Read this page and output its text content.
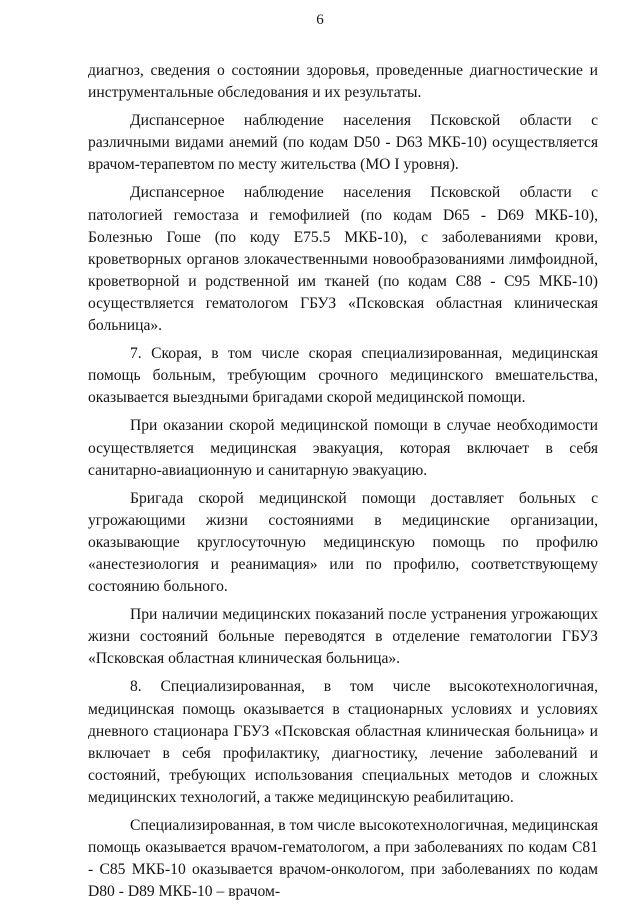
6

диагноз, сведения о состоянии здоровья, проведенные диагностические и инструментальные обследования и их результаты.

Диспансерное наблюдение населения Псковской области с различными видами анемий (по кодам D50 - D63 МКБ-10) осуществляется врачом-терапевтом по месту жительства (МО I уровня).

Диспансерное наблюдение населения Псковской области с патологией гемостаза и гемофилией (по кодам D65 - D69 МКБ-10), Болезнью Гоше (по коду Е75.5 МКБ-10), с заболеваниями крови, кроветворных органов злокачественными новообразованиями лимфоидной, кроветворной и родственной им тканей (по кодам С88 - С95 МКБ-10) осуществляется гематологом ГБУЗ «Псковская областная клиническая больница».

7. Скорая, в том числе скорая специализированная, медицинская помощь больным, требующим срочного медицинского вмешательства, оказывается выездными бригадами скорой медицинской помощи.

При оказании скорой медицинской помощи в случае необходимости осуществляется медицинская эвакуация, которая включает в себя санитарно-авиационную и санитарную эвакуацию.

Бригада скорой медицинской помощи доставляет больных с угрожающими жизни состояниями в медицинские организации, оказывающие круглосуточную медицинскую помощь по профилю «анестезиология и реанимация» или по профилю, соответствующему состоянию больного.

При наличии медицинских показаний после устранения угрожающих жизни состояний больные переводятся в отделение гематологии ГБУЗ «Псковская областная клиническая больница».

8. Специализированная, в том числе высокотехнологичная, медицинская помощь оказывается в стационарных условиях и условиях дневного стационара ГБУЗ «Псковская областная клиническая больница» и включает в себя профилактику, диагностику, лечение заболеваний и состояний, требующих использования специальных методов и сложных медицинских технологий, а также медицинскую реабилитацию.

Специализированная, в том числе высокотехнологичная, медицинская помощь оказывается врачом-гематологом, а при заболеваниях по кодам С81 - С85 МКБ-10 оказывается врачом-онкологом, при заболеваниях по кодам D80 - D89 МКБ-10 – врачом-
